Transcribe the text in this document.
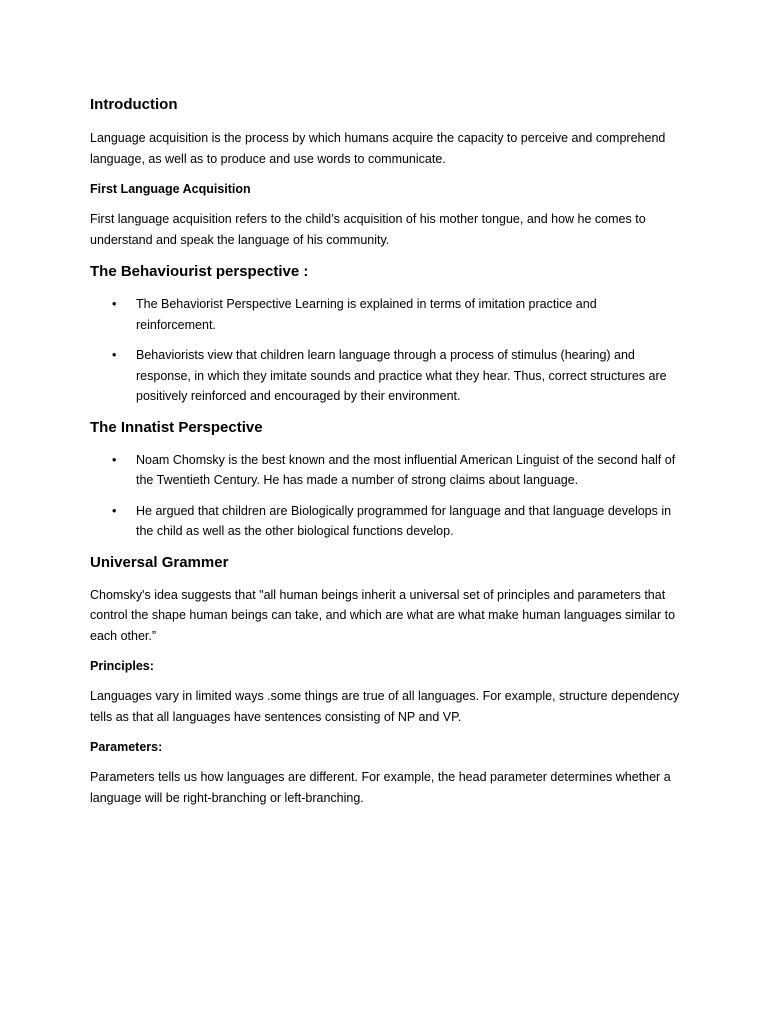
Introduction

Language acquisition is the process by which humans acquire the capacity to perceive and comprehend language, as well as to produce and use words to communicate.

First Language Acquisition

First language acquisition refers to the child’s acquisition of his mother tongue, and how he comes to understand and speak the language of his community.

The Behaviourist perspective :
• The Behaviorist Perspective Learning is explained in terms of imitation practice and reinforcement.
• Behaviorists view that children learn language through a process of stimulus (hearing) and response, in which they imitate sounds and practice what they hear. Thus, correct structures are positively reinforced and encouraged by their environment.
The Innatist Perspective
• Noam Chomsky is the best known and the most influential American Linguist of the second half of the Twentieth Century. He has made a number of strong claims about language.
• He argued that children are Biologically programmed for language and that language develops in the child as well as the other biological functions develop.
Universal Grammer

Chomsky's idea suggests that "all human beings inherit a universal set of principles and parameters that control the shape human beings can take, and which are what are what make human languages similar to each other.”

Principles:

Languages vary in limited ways .some things are true of all languages. For example, structure dependency tells as that all languages have sentences consisting of NP and VP.

Parameters:

Parameters tells us how languages are different. For example, the head parameter determines whether a language will be right-branching or left-branching.
